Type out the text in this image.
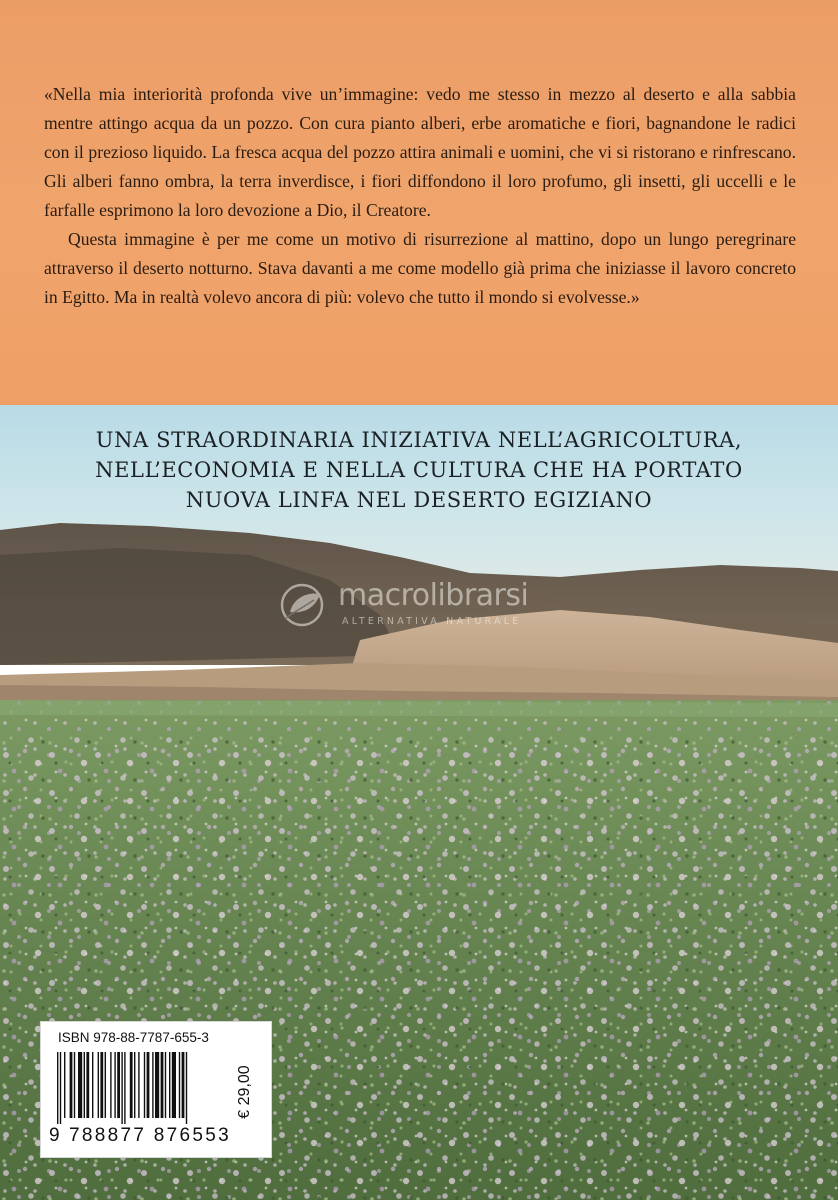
«Nella mia interiorità profonda vive un’immagine: vedo me stesso in mezzo al deserto e alla sabbia mentre attingo acqua da un pozzo. Con cura pianto alberi, erbe aromatiche e fiori, bagnandone le radici con il prezioso liquido. La fresca acqua del pozzo attira animali e uomini, che vi si ristorano e rinfrescano. Gli alberi fanno ombra, la terra inverdisce, i fiori diffondono il loro profumo, gli insetti, gli uccelli e le farfalle esprimono la loro devozione a Dio, il Creatore.

Questa immagine è per me come un motivo di risurrezione al mattino, dopo un lungo peregrinare attraverso il deserto notturno. Stava davanti a me come modello già prima che iniziasse il lavoro concreto in Egitto. Ma in realtà volevo ancora di più: volevo che tutto il mondo si evolvesse.»

UNA STRAORDINARIA INIZIATIVA NELL’AGRICOLTURA,
NELL’ECONOMIA E NELLA CULTURA CHE HA PORTATO
NUOVA LINFA NEL DESERTO EGIZIANO
macrolibrarsi
ALTERNATIVA NATURALE
ISBN 978-88-7787-655-3
9 788877 876553
€ 29,00
